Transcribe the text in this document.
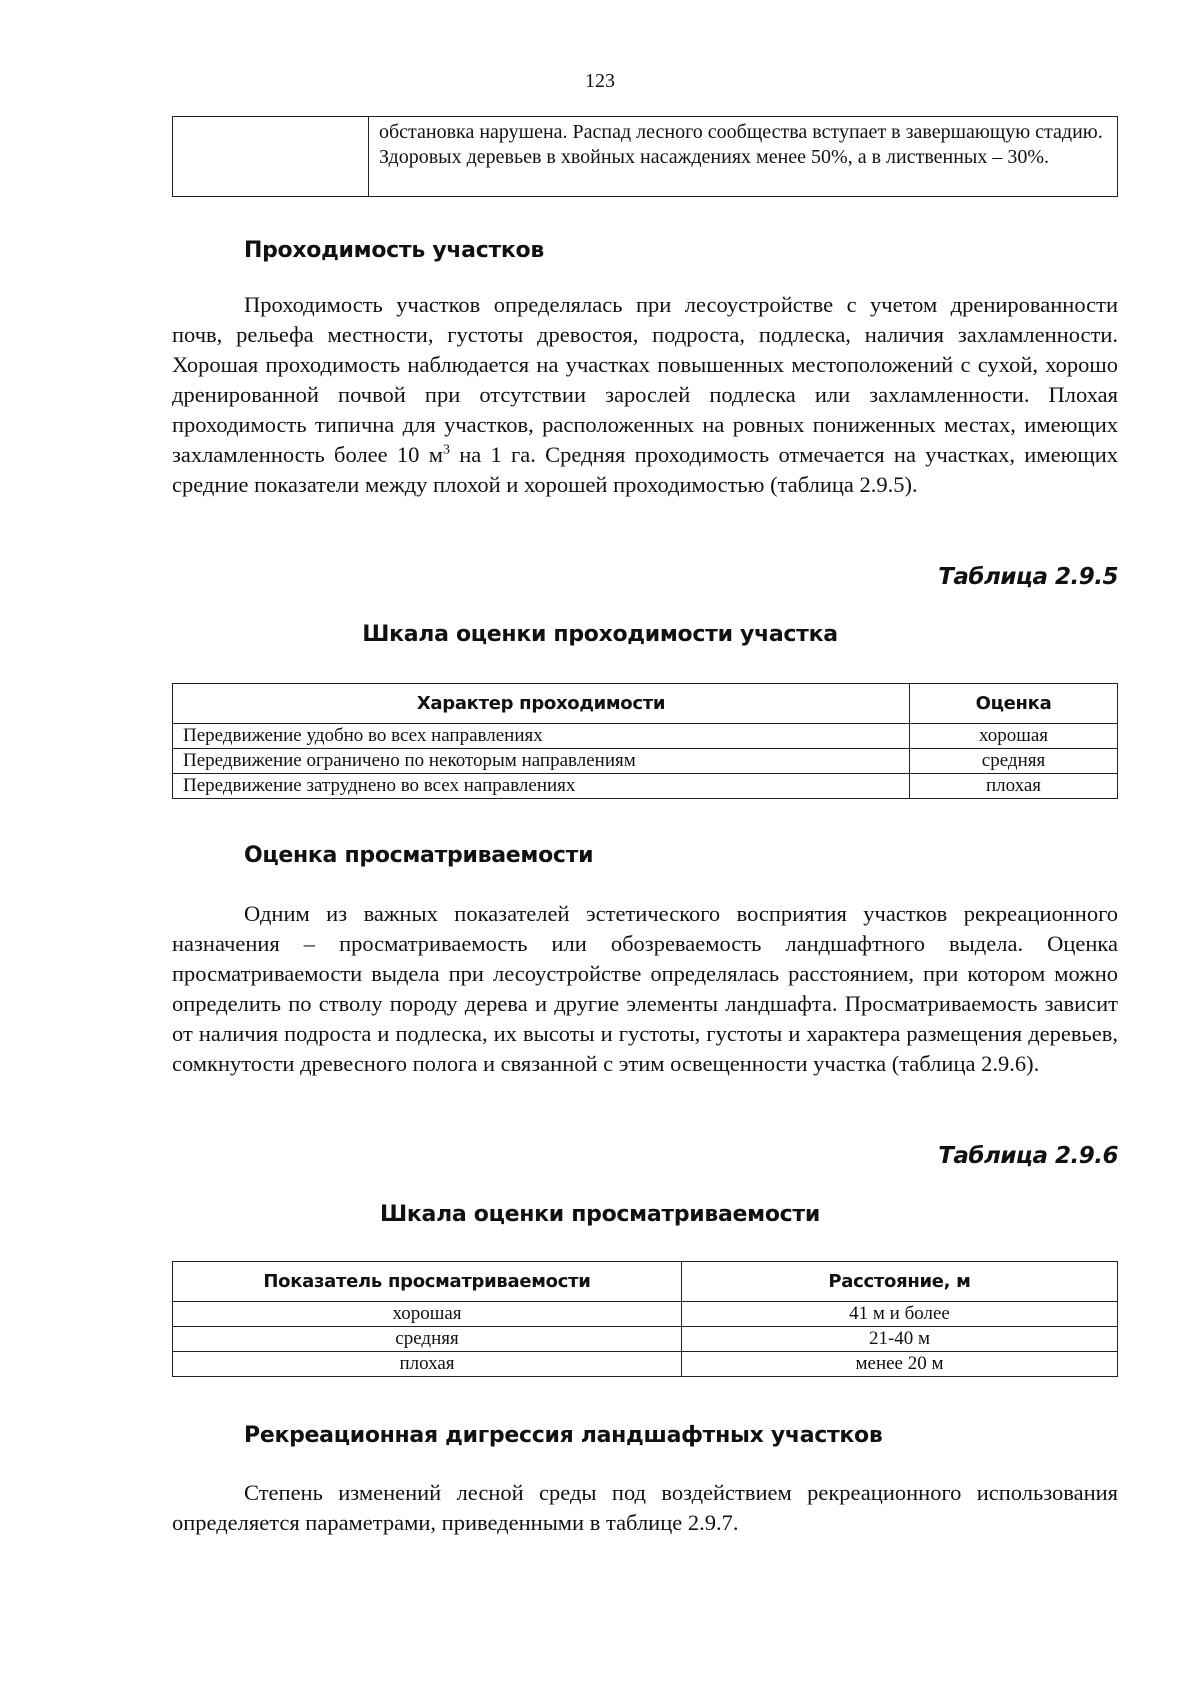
123
	обстановка нарушена. Распад лесного сообщества вступает в завершающую стадию. Здоровых деревьев в хвойных насаждениях менее 50%, а в лиственных – 30%.
Проходимость участков

Проходимость участков определялась при лесоустройстве с учетом дренированности почв, рельефа местности, густоты древостоя, подроста, подлеска, наличия захламленности. Хорошая проходимость наблюдается на участках повышенных местоположений с сухой, хорошо дренированной почвой при отсутствии зарослей подлеска или захламленности. Плохая проходимость типична для участков, расположенных на ровных пониженных местах, имеющих захламленность более 10 $м^3$ на 1 га. Средняя проходимость отмечается на участках, имеющих средние показатели между плохой и хорошей проходимостью (таблица 2.9.5).

Таблица 2.9.5
Шкала оценки проходимости участка
Характер проходимости	Оценка
Передвижение удобно во всех направлениях	хорошая
Передвижение ограничено по некоторым направлениям	средняя
Передвижение затруднено во всех направлениях	плохая
Оценка просматриваемости

Одним из важных показателей эстетического восприятия участков рекреационного назначения – просматриваемость или обозреваемость ландшафтного выдела. Оценка просматриваемости выдела при лесоустройстве определялась расстоянием, при котором можно определить по стволу породу дерева и другие элементы ландшафта. Просматриваемость зависит от наличия подроста и подлеска, их высоты и густоты, густоты и характера размещения деревьев, сомкнутости древесного полога и связанной с этим освещенности участка (таблица 2.9.6).

Таблица 2.9.6
Шкала оценки просматриваемости
Показатель просматриваемости	Расстояние, м
хорошая	41 м и более
средняя	21-40 м
плохая	менее 20 м
Рекреационная дигрессия ландшафтных участков

Степень изменений лесной среды под воздействием рекреационного использования определяется параметрами, приведенными в таблице 2.9.7.
